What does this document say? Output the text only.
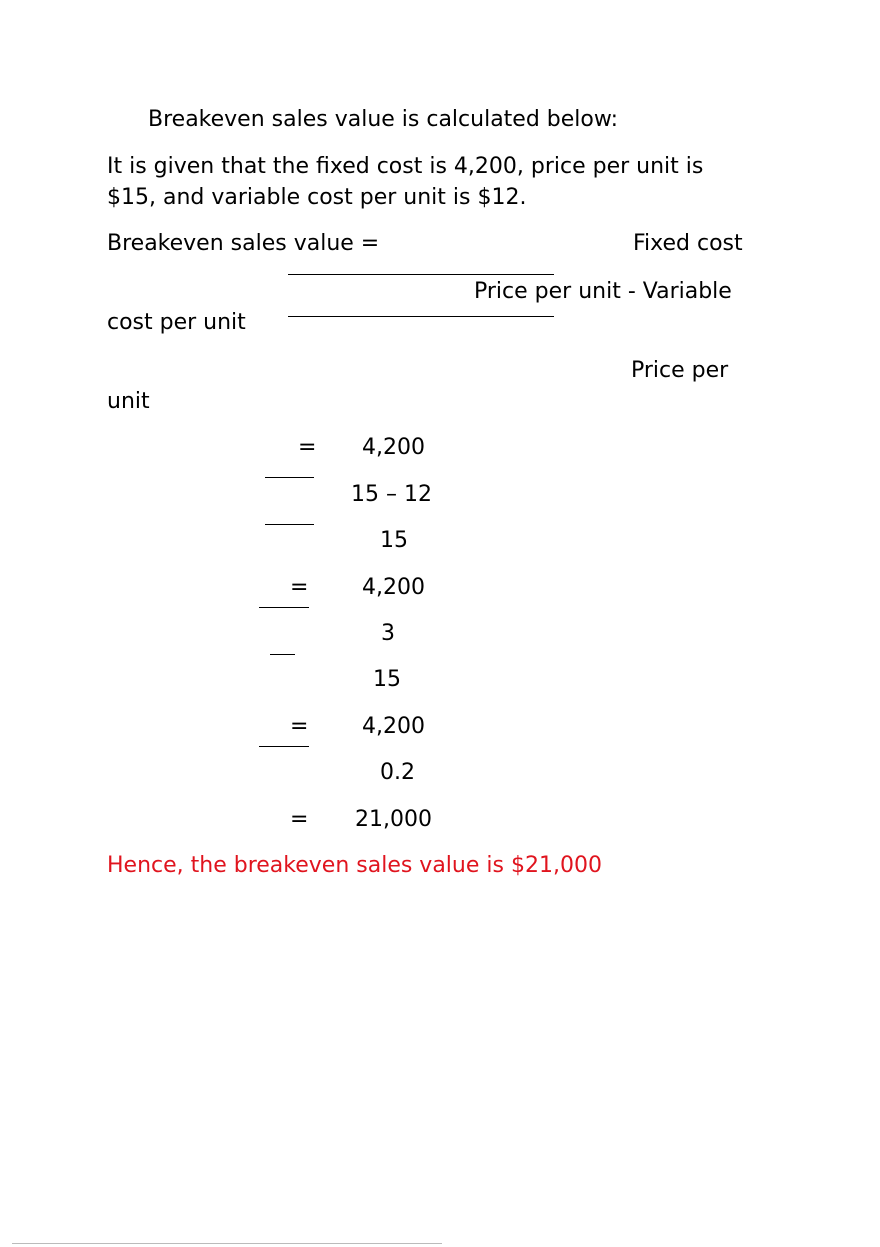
Breakeven sales value is calculated below:
It is given that the fixed cost is 4,200, price per unit is
$15, and variable cost per unit is $12.
Breakeven sales value =	Fixed cost
Price per unit - Variable
cost per unit
Price per
unit
= 4,200
15 – 12
15
= 4,200
3
15
= 4,200
0.2
= 21,000
Hence, the breakeven sales value is $21,000
